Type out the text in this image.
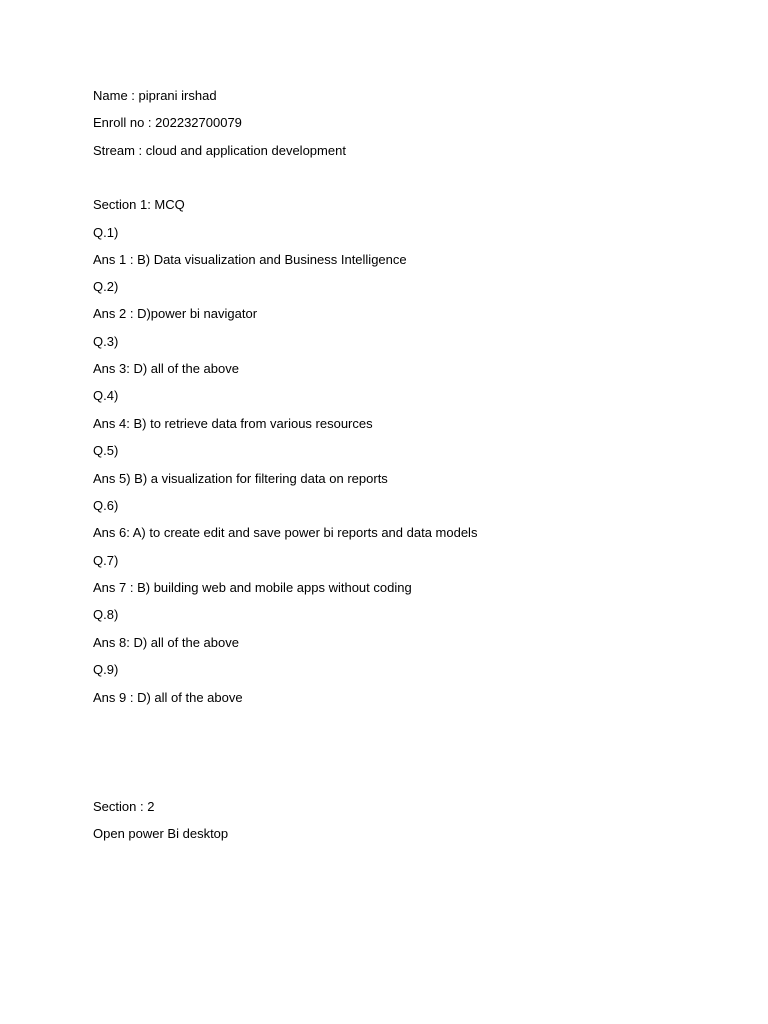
Name : piprani irshad
Enroll no : 202232700079
Stream : cloud and application development
Section 1: MCQ
Q.1)
Ans 1 : B) Data visualization and Business Intelligence
Q.2)
Ans 2 : D)power bi navigator
Q.3)
Ans 3: D) all of the above
Q.4)
Ans 4: B) to retrieve data from various resources
Q.5)
Ans 5) B) a visualization for filtering data on reports
Q.6)
Ans 6: A) to create edit and save power bi reports and data models
Q.7)
Ans 7 : B) building web and mobile apps without coding
Q.8)
Ans 8: D) all of the above
Q.9)
Ans 9 : D) all of the above
Section : 2
Open power Bi desktop
